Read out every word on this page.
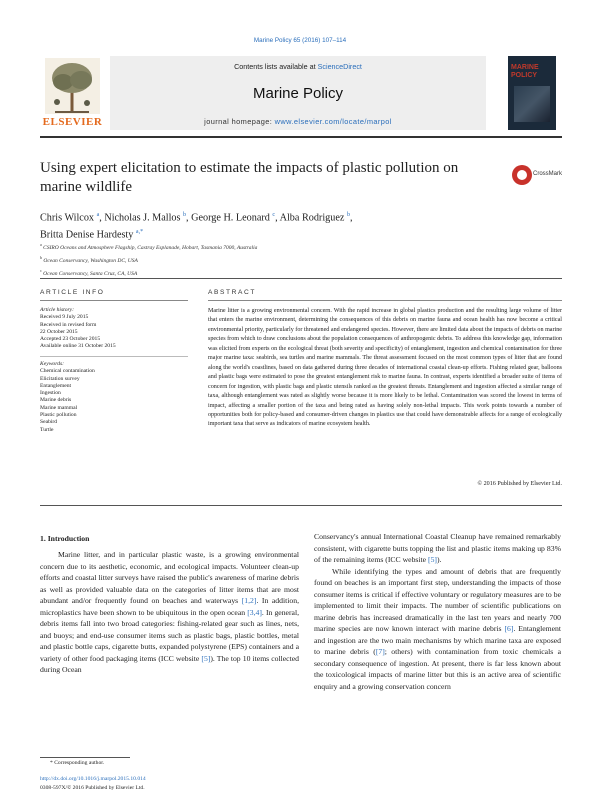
Marine Policy 65 (2016) 107–114
ELSEVIER
Contents lists available at ScienceDirect
Marine Policy
journal homepage: www.elsevier.com/locate/marpol
MARINE POLICY
Using expert elicitation to estimate the impacts of plastic pollution on marine wildlife
CrossMark
Chris Wilcox $^a$, Nicholas J. Mallos $^b$, George H. Leonard $^c$, Alba Rodriguez $^b$,
Britta Denise Hardesty $^{a,*}$
$^a$ CSIRO Oceans and Atmosphere Flagship, Castray Esplanade, Hobart, Tasmania 7000, Australia
$^b$ Ocean Conservancy, Washington DC, USA
$^c$ Ocean Conservancy, Santa Cruz, CA, USA
ARTICLE INFO	ABSTRACT
Article history:
Received 9 July 2015
Received in revised form
22 October 2015
Accepted 23 October 2015
Available online 31 October 2015
Keywords:
Chemical contamination
Elicitation survey
Entanglement
Ingestion
Marine debris
Marine mammal
Plastic pollution
Seabird
Turtle
Marine litter is a growing environmental concern. With the rapid increase in global plastics production and the resulting large volume of litter that enters the marine environment, determining the consequences of this debris on marine fauna and ocean health has now become a critical environmental priority, particularly for threatened and endangered species. However, there are limited data about the impacts of debris on marine species from which to draw conclusions about the population consequences of anthropogenic debris. To address this knowledge gap, information was elicited from experts on the ecological threat (both severity and specificity) of entanglement, ingestion and chemical contamination for three major marine taxa: seabirds, sea turtles and marine mammals. The threat assessment focused on the most common types of litter that are found along the world's coastlines, based on data gathered during three decades of international coastal clean-up efforts. Fishing related gear, balloons and plastic bags were estimated to pose the greatest entanglement risk to marine fauna. In contrast, experts identified a broader suite of items of concern for ingestion, with plastic bags and plastic utensils ranked as the greatest threats. Entanglement and ingestion affected a similar range of taxa, although entanglement was rated as slightly worse because it is more likely to be lethal. Contamination was scored the lowest in terms of impact, affecting a smaller portion of the taxa and being rated as having solely non-lethal impacts. This work points towards a number of opportunities both for policy-based and consumer-driven changes in plastics use that could have demonstrable affects for a range of ecologically important taxa that serve as indicators of marine ecosystem health.
© 2016 Published by Elsevier Ltd.
1. Introduction

Marine litter, and in particular plastic waste, is a growing environmental concern due to its aesthetic, economic, and ecological impacts. Volunteer clean-up efforts and coastal litter surveys have raised the public's awareness of marine debris as well as provided valuable data on the categories of litter items that are most abundant and/or frequently found on beaches and waterways [1,2]. In addition, microplastics have been shown to be ubiquitous in the open ocean [3,4]. In general, debris items fall into two broad categories: fishing-related gear such as lines, nets, and buoys; and end-use consumer items such as plastic bags, plastic bottles, metal and plastic bottle caps, cigarette butts, expanded polystyrene (EPS) containers and a variety of other food packaging items (ICC website [5]). The top 10 items collected during Ocean

Conservancy's annual International Coastal Cleanup have remained remarkably consistent, with cigarette butts topping the list and plastic items making up 83% of the remaining items (ICC website [5]).

While identifying the types and amount of debris that are frequently found on beaches is an important first step, understanding the impacts of those consumer items is critical if effective voluntary or regulatory measures are to be implemented to limit their impacts. The number of scientific publications on marine debris has increased dramatically in the last ten years and nearly 700 marine species are now known interact with marine debris [6]. Entanglement and ingestion are the two main mechanisms by which marine taxa are exposed to marine debris ([7]; others) with contamination from toxic chemicals a secondary consequence of ingestion. At present, there is far less known about the toxicological impacts of marine litter but this is an active area of scientific enquiry and a growing conservation concern

* Corresponding author.
http://dx.doi.org/10.1016/j.marpol.2015.10.014
0308-597X/© 2016 Published by Elsevier Ltd.
